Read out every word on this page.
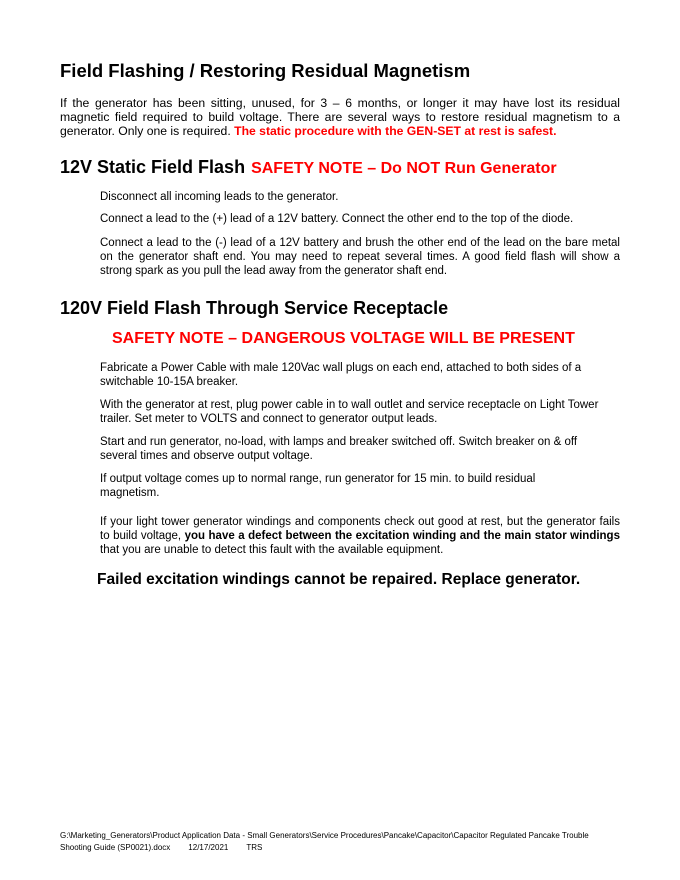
Field Flashing / Restoring Residual Magnetism

If the generator has been sitting, unused, for 3 – 6 months, or longer it may have lost its residual magnetic field required to build voltage. There are several ways to restore residual magnetism to a generator. Only one is required. The static procedure with the GEN-SET at rest is safest.

12V Static Field Flash SAFETY NOTE – Do NOT Run Generator

Disconnect all incoming leads to the generator.

Connect a lead to the (+) lead of a 12V battery. Connect the other end to the top of the diode.

Connect a lead to the (-) lead of a 12V battery and brush the other end of the lead on the bare metal on the generator shaft end. You may need to repeat several times. A good field flash will show a strong spark as you pull the lead away from the generator shaft end.

120V Field Flash Through Service Receptacle

SAFETY NOTE – DANGEROUS VOLTAGE WILL BE PRESENT

Fabricate a Power Cable with male 120Vac wall plugs on each end, attached to both sides of a switchable 10-15A breaker.

With the generator at rest, plug power cable in to wall outlet and service receptacle on Light Tower trailer. Set meter to VOLTS and connect to generator output leads.

Start and run generator, no-load, with lamps and breaker switched off. Switch breaker on & off several times and observe output voltage.

If output voltage comes up to normal range, run generator for 15 min. to build residual magnetism.

If your light tower generator windings and components check out good at rest, but the generator fails to build voltage, you have a defect between the excitation winding and the main stator windings that you are unable to detect this fault with the available equipment.

Failed excitation windings cannot be repaired. Replace generator.

G:\Marketing_Generators\Product Application Data - Small Generators\Service Procedures\Pancake\Capacitor\Capacitor Regulated Pancake Trouble Shooting Guide (SP0021).docx 12/17/2021 TRS
